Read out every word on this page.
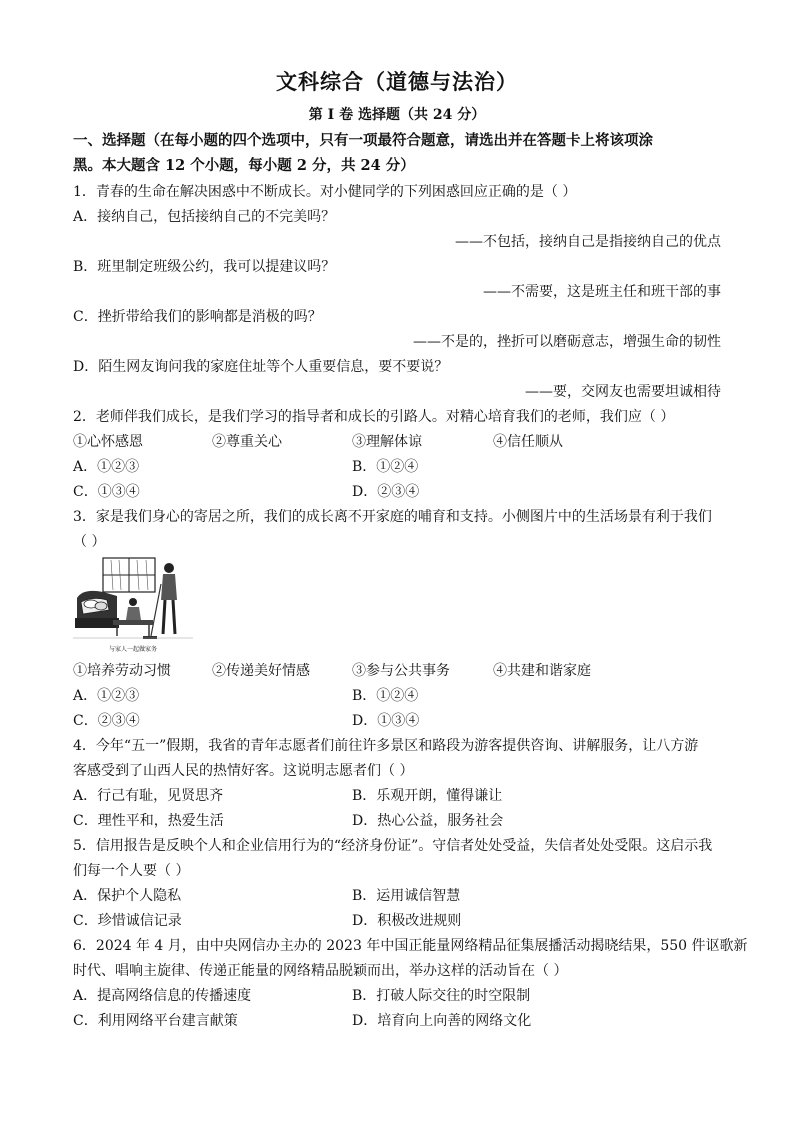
文科综合（道德与法治）
第 I 卷 选择题（共 24 分）
一、选择题（在每小题的四个选项中，只有一项最符合题意，请选出并在答题卡上将该项涂
黑。本大题含 12 个小题，每小题 2 分，共 24 分）
1．青春的生命在解决困惑中不断成长。对小健同学的下列困惑回应正确的是（ ）
A．接纳自己，包括接纳自己的不完美吗？
——不包括，接纳自己是指接纳自己的优点
B．班里制定班级公约，我可以提建议吗？
——不需要，这是班主任和班干部的事
C．挫折带给我们的影响都是消极的吗？
——不是的，挫折可以磨砺意志，增强生命的韧性
D．陌生网友询问我的家庭住址等个人重要信息，要不要说？
——要，交网友也需要坦诚相待
2．老师伴我们成长，是我们学习的指导者和成长的引路人。对精心培育我们的老师，我们应（ ）
①心怀感恩	②尊重关心	③理解体谅	④信任顺从
A．①②③	B．①②④
C．①③④	D．②③④
3．家是我们身心的寄居之所，我们的成长离不开家庭的哺育和支持。小侧图片中的生活场景有利于我们
（ ）
与家人一起做家务
①培养劳动习惯	②传递美好情感	③参与公共事务	④共建和谐家庭
A．①②③	B．①②④
C．②③④	D．①③④
4．今年“五一”假期，我省的青年志愿者们前往许多景区和路段为游客提供咨询、讲解服务，让八方游
客感受到了山西人民的热情好客。这说明志愿者们（ ）
A．行己有耻，见贤思齐	B．乐观开朗，懂得谦让
C．理性平和，热爱生活	D．热心公益，服务社会
5．信用报告是反映个人和企业信用行为的“经济身份证”。守信者处处受益，失信者处处受限。这启示我
们每一个人要（ ）
A．保护个人隐私	B．运用诚信智慧
C．珍惜诚信记录	D．积极改进规则
6．2024 年 4 月，由中央网信办主办的 2023 年中国正能量网络精品征集展播活动揭晓结果，550 件讴歌新
时代、唱响主旋律、传递正能量的网络精品脱颖而出，举办这样的活动旨在（ ）
A．提高网络信息的传播速度	B．打破人际交往的时空限制
C．利用网络平台建言献策	D．培育向上向善的网络文化
